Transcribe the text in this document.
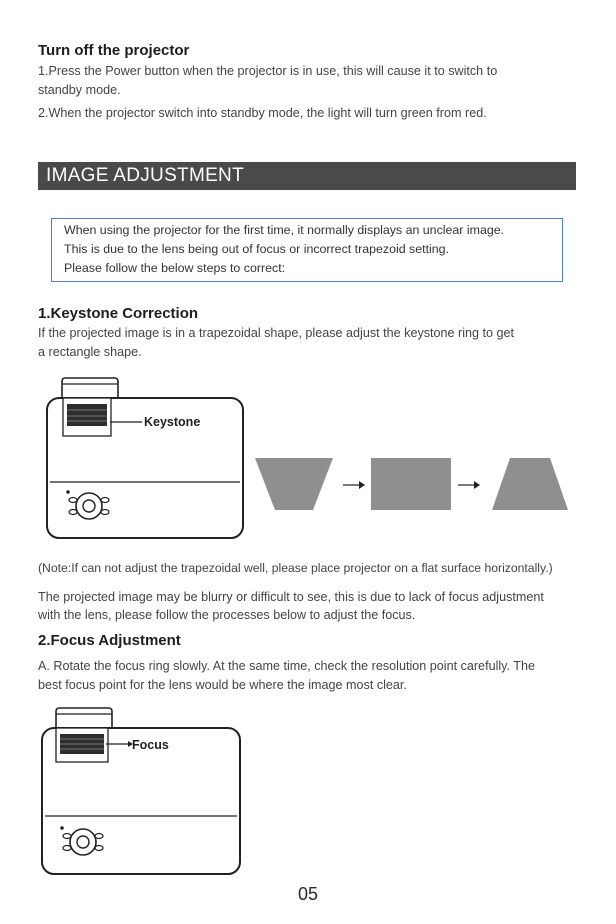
Turn off the projector
1.Press the Power button when the projector is in use, this will cause it to switch to
standby mode.
2.When the projector switch into standby mode, the light will turn green from red.
IMAGE ADJUSTMENT
When using the projector for the first time, it normally displays an unclear image.
This is due to the lens being out of focus or incorrect trapezoid setting.
Please follow the below steps to correct:
1.Keystone Correction
If the projected image is in a trapezoidal shape, please adjust the keystone ring to get
a rectangle shape.
Keystone
(Note:If can not adjust the trapezoidal well, please place projector on a flat surface horizontally.)
The projected image may be blurry or difficult to see, this is due to lack of focus adjustment
with the lens, please follow the processes below to adjust the focus.
2.Focus Adjustment
A. Rotate the focus ring slowly. At the same time, check the resolution point carefully. The
best focus point for the lens would be where the image most clear.
Focus
05
